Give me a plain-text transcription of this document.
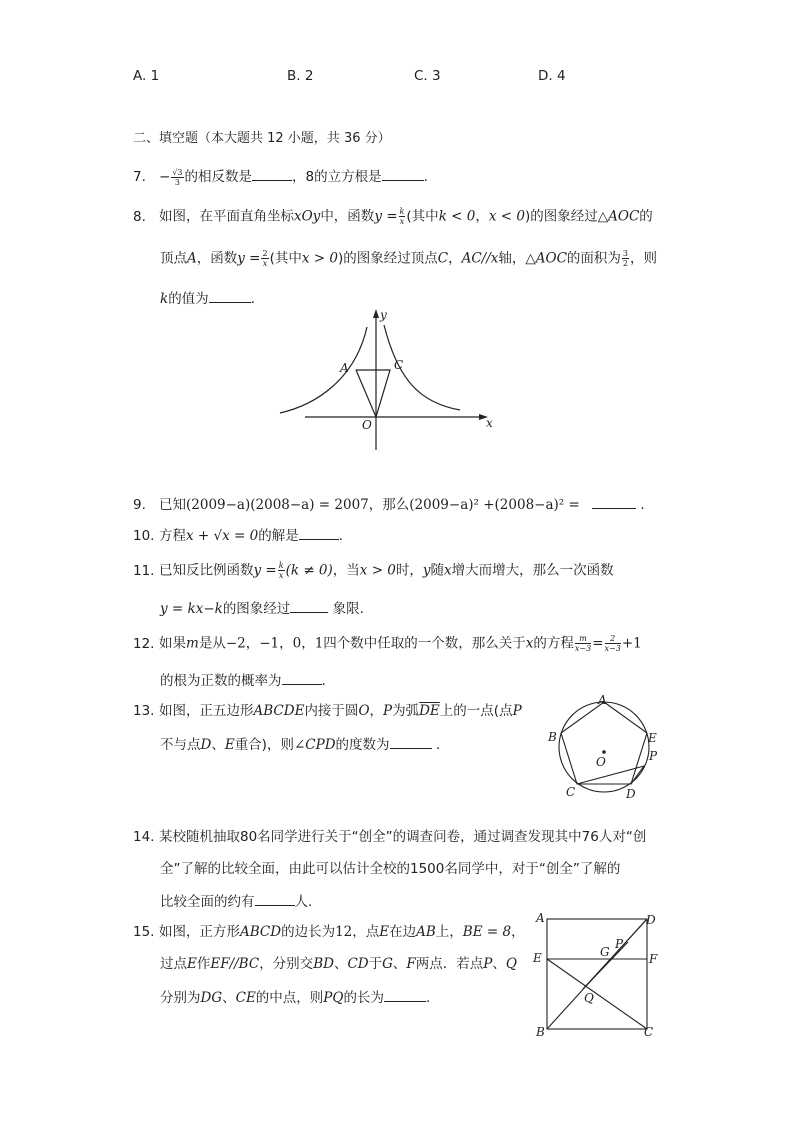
A. 1	B. 2	C. 3	D. 4
二、填空题（本大题共 12 小题，共 36 分）
7. − $\frac{√3}{3}$ 的相反数是	，8的立方根是	.
8. 如图，在平面直角坐标xOy中，函数$y = \frac{k}{x}$ (其中k < 0，x < 0)的图象经过△AOC的
顶点A，函数$y = \frac{2}{x}$ (其中x > 0)的图象经过顶点C，AC//x轴，△AOC的面积为 $\frac{3}{2}$ ，则
k的值为	.
y
x
A	C
O
9. 已知(2009−a)(2008−a) = 2007，那么(2009−a)² +(2008−a)² =	.
10. 方程x + √x = 0的解是	.
11. 已知反比例函数$y = \frac{k}{x} (k \ne 0)$，当x > 0时，y随x增大而增大，那么一次函数
y = kx−k的图象经过	象限.
12. 如果m是从−2，−1，0，1四个数中任取的一个数，那么关于x的方程 $\frac{m}{x-3} = \frac{2}{x-3} +1$
的根为正数的概率为	.
13. 如图，正五边形ABCDE内接于圆O，P为弧$\overline{DE}$上的一点(点P
不与点D、E重合)，则∠CPD的度数为	.
A
B
C	D
E
P
O
14. 某校随机抽取80名同学进行关于“创全”的调查问卷，通过调查发现其中76人对“创
全”了解的比较全面，由此可以估计全校的1500名同学中，对于“创全”了解的
比较全面的约有	人.
15. 如图，正方形ABCD的边长为12，点E在边AB上，BE = 8，
过点E作EF//BC，分别交BD、CD于G、F两点．若点P、Q
分别为DG、CE的中点，则PQ的长为	.
A	D
E	F
G
P
Q
B	C
